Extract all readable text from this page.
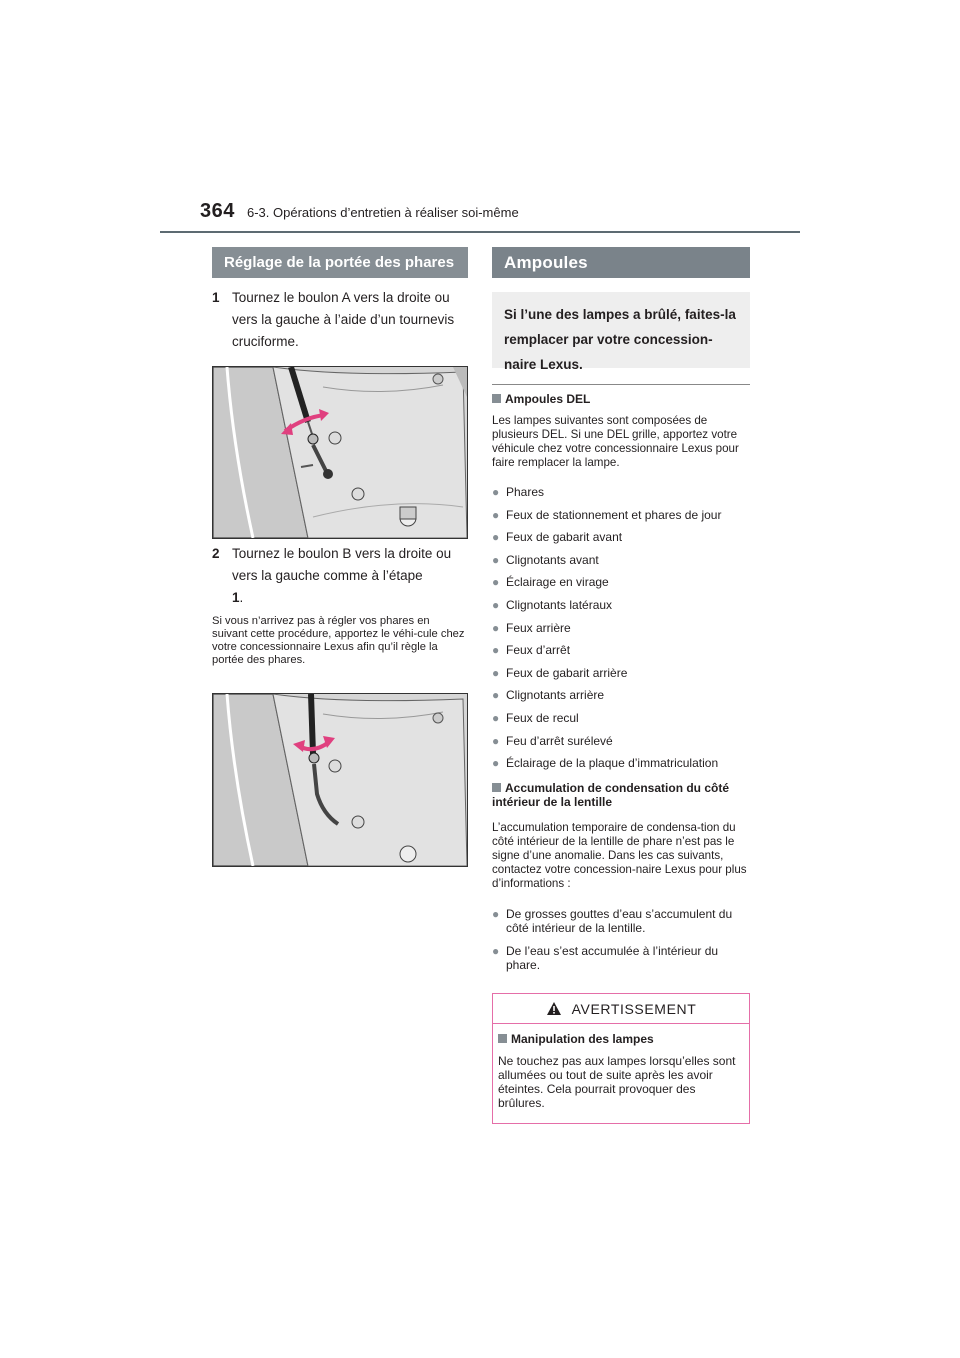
364 6-3. Opérations d’entretien à réaliser soi-même
Réglage de la portée des phares
1 Tournez le boulon A vers la droite ou vers la gauche à l’aide d’un tournevis cruciforme.
2 Tournez le boulon B vers la droite ou vers la gauche comme à l’étape
1.
Si vous n’arrivez pas à régler vos phares en suivant cette procédure, apportez le véhi-cule chez votre concessionnaire Lexus afin qu’il règle la portée des phares.
Ampoules
Si l’une des lampes a brûlé, faites-la remplacer par votre concession-naire Lexus.
Ampoules DEL
Les lampes suivantes sont composées de plusieurs DEL. Si une DEL grille, apportez votre véhicule chez votre concessionnaire Lexus pour faire remplacer la lampe.
● Phares
● Feux de stationnement et phares de jour
● Feux de gabarit avant
● Clignotants avant
● Éclairage en virage
● Clignotants latéraux
● Feux arrière
● Feux d’arrêt
● Feux de gabarit arrière
● Clignotants arrière
● Feux de recul
● Feu d’arrêt surélevé
● Éclairage de la plaque d’immatriculation
Accumulation de condensation du côté intérieur de la lentille
L’accumulation temporaire de condensa-tion du côté intérieur de la lentille de phare n’est pas le signe d’une anomalie. Dans les cas suivants, contactez votre concession-naire Lexus pour plus d’informations :
● De grosses gouttes d’eau s’accumulent du côté intérieur de la lentille.
● De l’eau s’est accumulée à l’intérieur du phare.
AVERTISSEMENT
Manipulation des lampes
Ne touchez pas aux lampes lorsqu’elles sont allumées ou tout de suite après les avoir éteintes. Cela pourrait provoquer des brûlures.
